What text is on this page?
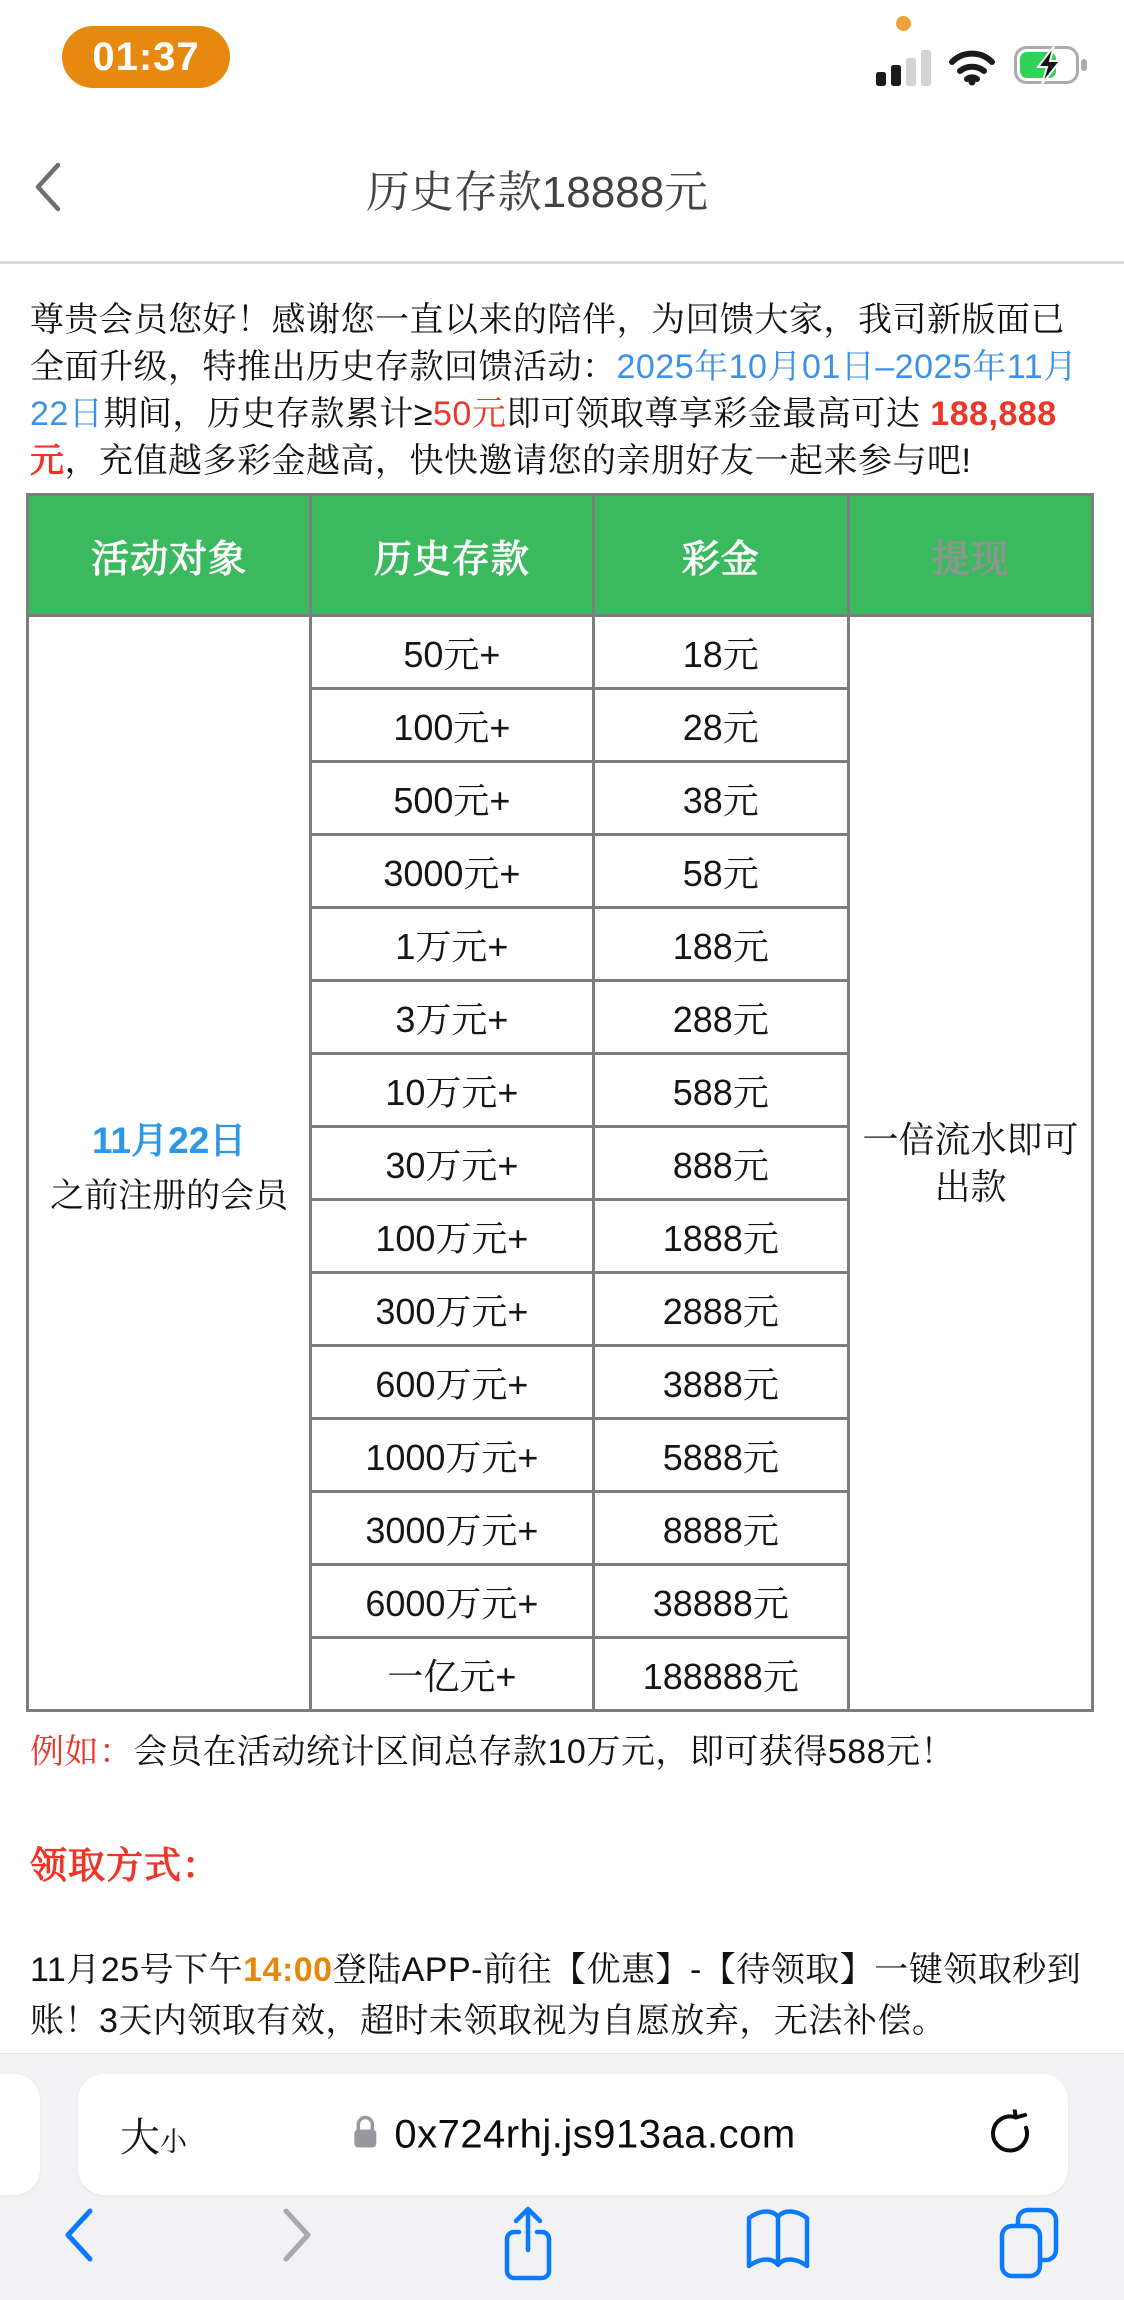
01:37
历史存款18888元
尊贵会员您好！感谢您一直以来的陪伴，为回馈大家，我司新版面已全面升级，特推出历史存款回馈活动：2025年10月01日–2025年11月22日期间，历史存款累计≥50元即可领取尊享彩金最高可达 188,888元，充值越多彩金越高，快快邀请您的亲朋好友一起来参与吧!
活动对象	历史存款	彩金	提现

11月22日
之前注册的会员	50元+	18元	一倍流水即可出款
	100元+	28元	
	500元+	38元	
	3000元+	58元	
	1万元+	188元	
	3万元+	288元	
	10万元+	588元	
	30万元+	888元	
	100万元+	1888元	
	300万元+	2888元	
	600万元+	3888元	
	1000万元+	5888元	
	3000万元+	8888元	
	6000万元+	38888元	
	一亿元+	188888元	
例如：会员在活动统计区间总存款10万元，即可获得588元！
领取方式：
11月25号下午14:00登陆APP-前往【优惠】-【待领取】一键领取秒到账！3天内领取有效，超时未领取视为自愿放弃，无法补偿。
大 小	0x724rhj.js913aa.com
